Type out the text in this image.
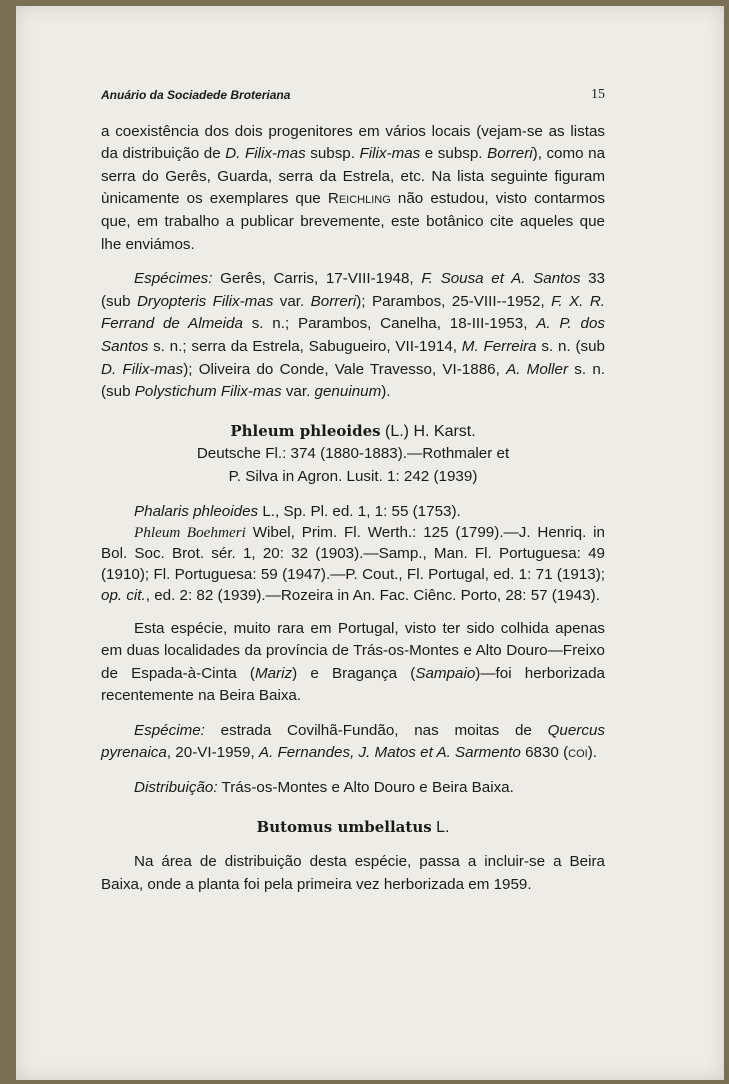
Anuário da Sociadede Broteriana	15

a coexistência dos dois progenitores em vários locais (vejam-se as listas da distribuição de D. Filix-mas subsp. Filix-mas e subsp. Borreri), como na serra do Gerês, Guarda, serra da Estrela, etc. Na lista seguinte figuram ùnicamente os exemplares que Reichling não estudou, visto contarmos que, em trabalho a publicar brevemente, este botânico cite aqueles que lhe enviámos.

Espécimes: Gerês, Carris, 17-VIII-1948, F. Sousa et A. Santos 33 (sub Dryopteris Filix-mas var. Borreri); Parambos, 25-VIII--1952, F. X. R. Ferrand de Almeida s. n.; Parambos, Canelha, 18-III-1953, A. P. dos Santos s. n.; serra da Estrela, Sabugueiro, VII-1914, M. Ferreira s. n. (sub D. Filix-mas); Oliveira do Conde, Vale Travesso, VI-1886, A. Moller s. n. (sub Polystichum Filix-mas var. genuinum).

Phleum phleoides (L.) H. Karst.

Deutsche Fl.: 374 (1880-1883).—Rothmaler et

P. Silva in Agron. Lusit. 1: 242 (1939)

Phalaris phleoides L., Sp. Pl. ed. 1, 1: 55 (1753).

Phleum Boehmeri Wibel, Prim. Fl. Werth.: 125 (1799).—J. Henriq. in Bol. Soc. Brot. sér. 1, 20: 32 (1903).—Samp., Man. Fl. Portuguesa: 49 (1910); Fl. Portuguesa: 59 (1947).—P. Cout., Fl. Portugal, ed. 1: 71 (1913); op. cit., ed. 2: 82 (1939).—Rozeira in An. Fac. Ciênc. Porto, 28: 57 (1943).

Esta espécie, muito rara em Portugal, visto ter sido colhida apenas em duas localidades da província de Trás-os-Montes e Alto Douro—Freixo de Espada-à-Cinta (Mariz) e Bragança (Sampaio)—foi herborizada recentemente na Beira Baixa.

Espécime: estrada Covilhã-Fundão, nas moitas de Quercus pyrenaica, 20-VI-1959, A. Fernandes, J. Matos et A. Sarmento 6830 (coi).

Distribuição: Trás-os-Montes e Alto Douro e Beira Baixa.

Butomus umbellatus L.

Na área de distribuição desta espécie, passa a incluir-se a Beira Baixa, onde a planta foi pela primeira vez herborizada em 1959.
